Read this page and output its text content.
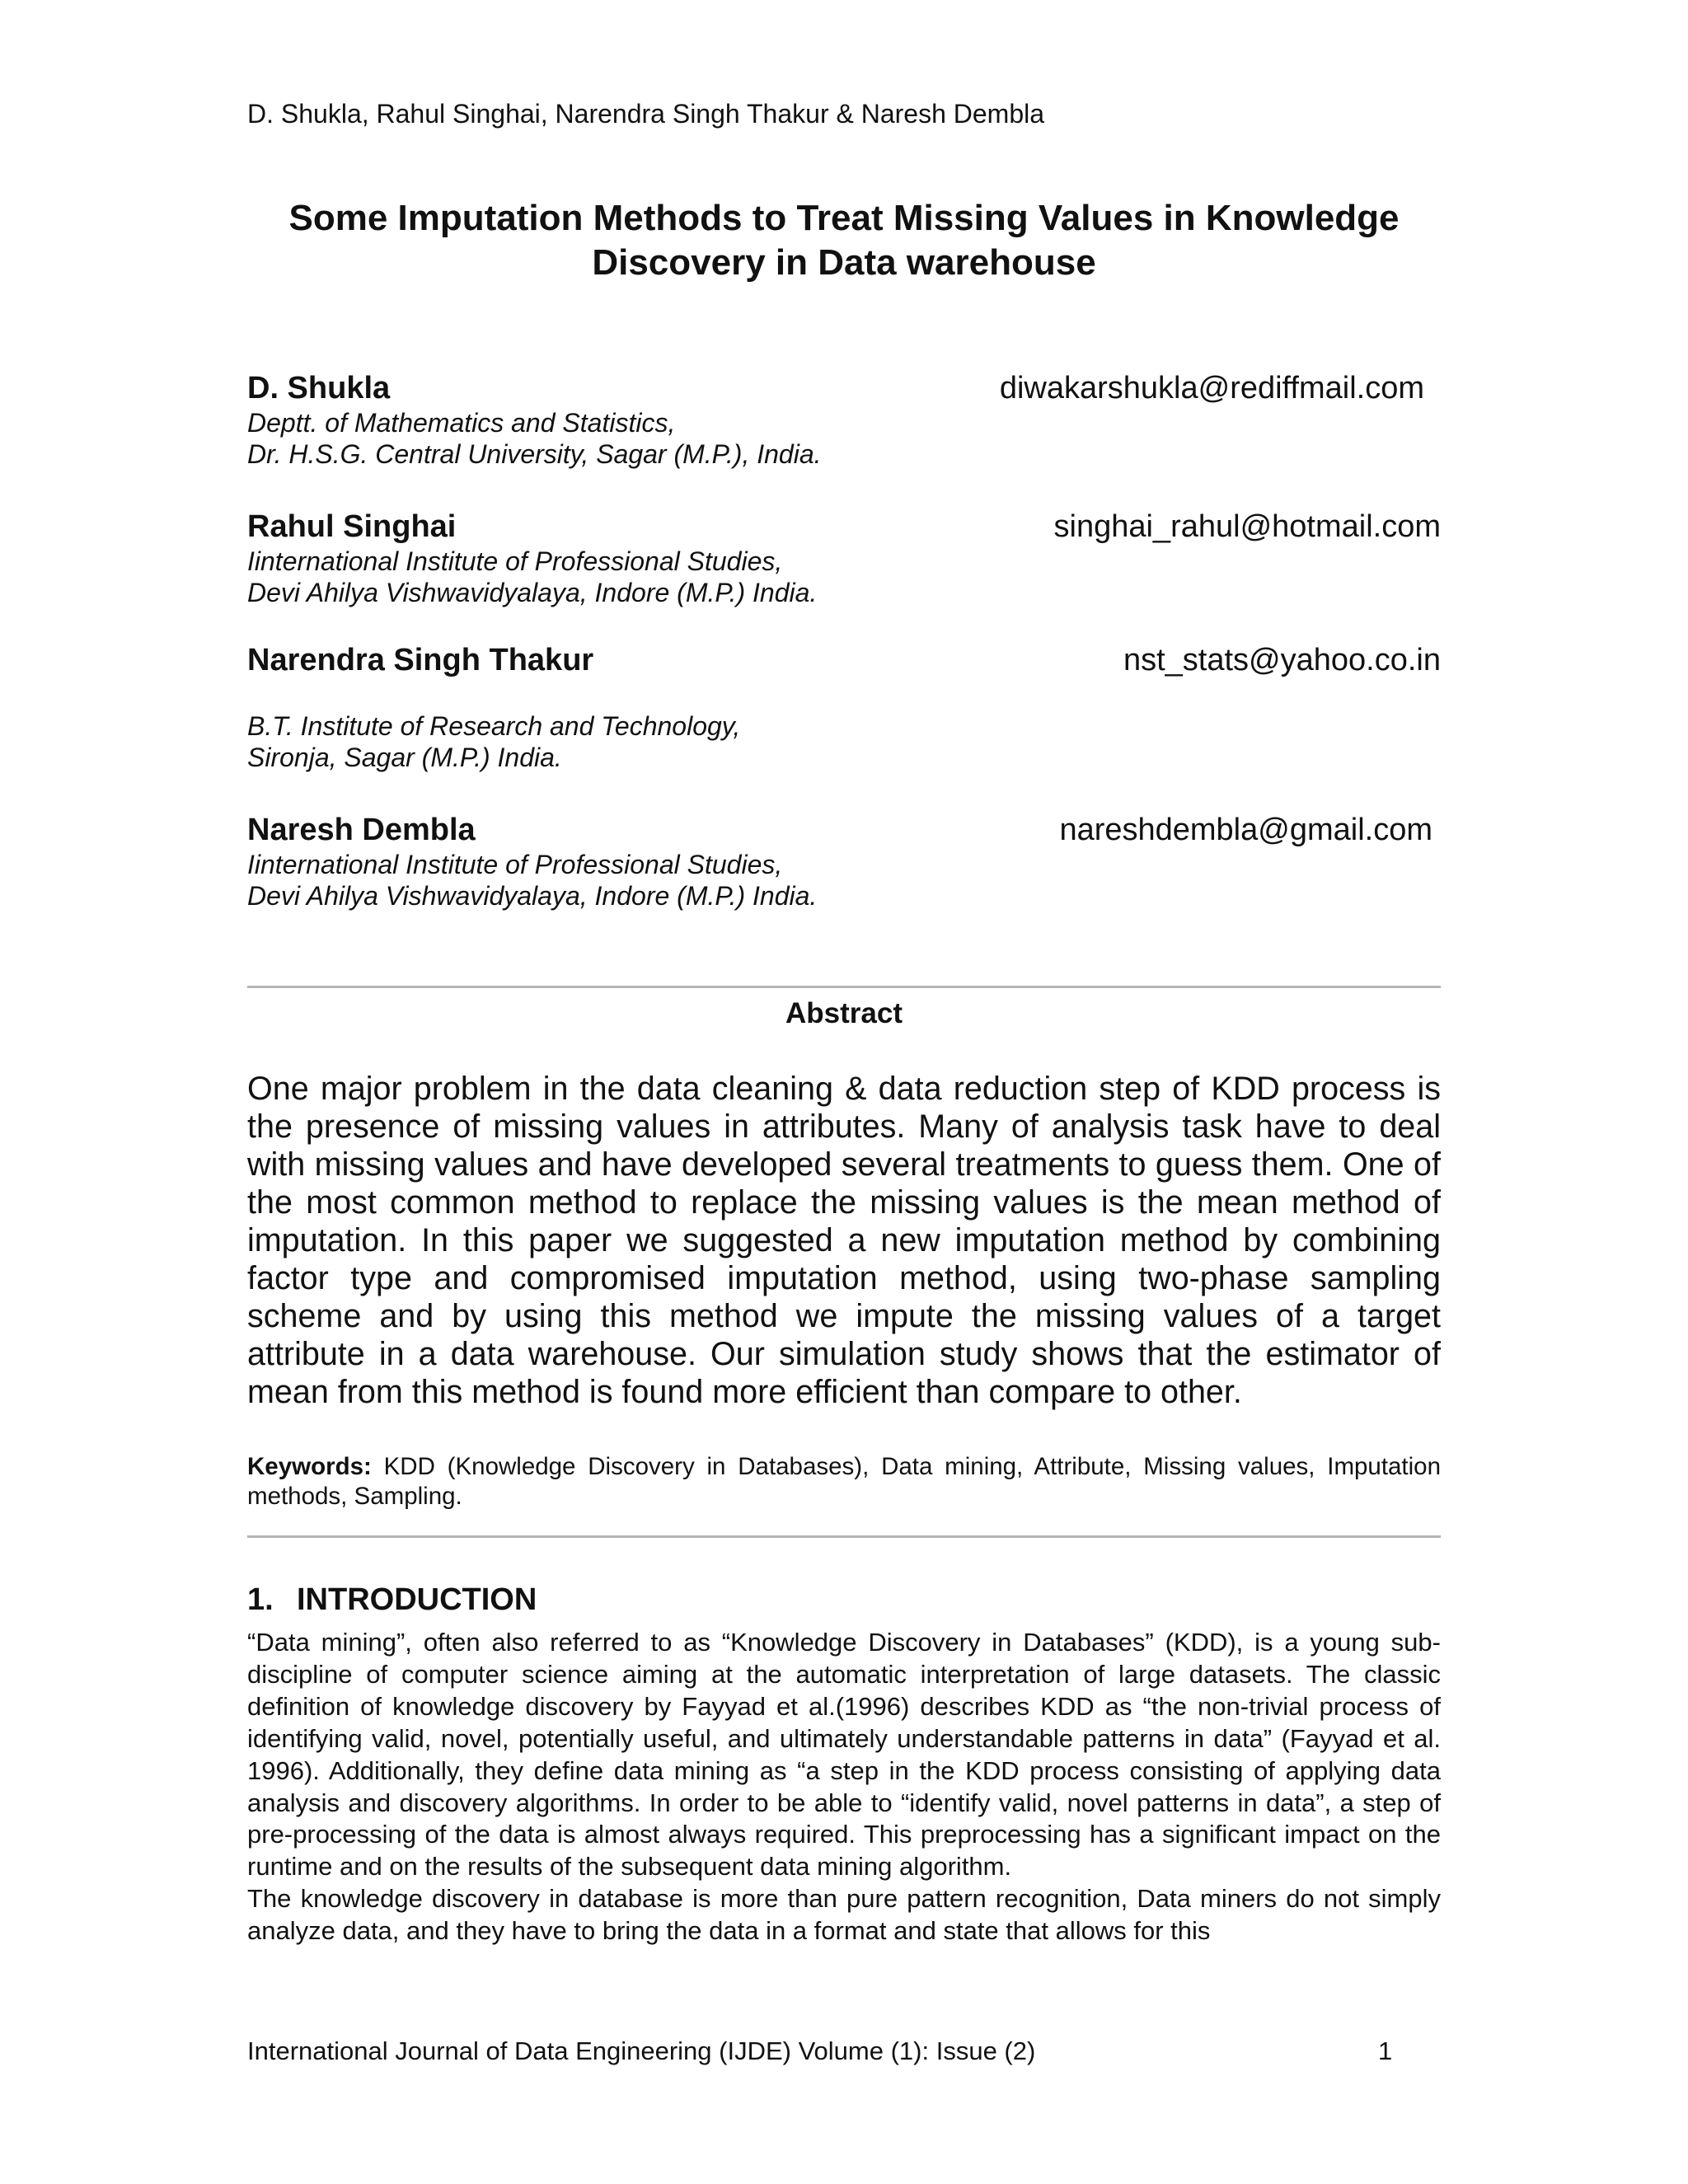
D. Shukla, Rahul Singhai, Narendra Singh Thakur & Naresh Dembla
Some Imputation Methods to Treat Missing Values in Knowledge
Discovery in Data warehouse
D. Shukla	diwakarshukla@rediffmail.com
Deptt. of Mathematics and Statistics,
Dr. H.S.G. Central University, Sagar (M.P.), India.
Rahul Singhai	singhai_rahul@hotmail.com
Iinternational Institute of Professional Studies,
Devi Ahilya Vishwavidyalaya, Indore (M.P.) India.
Narendra Singh Thakur	nst_stats@yahoo.co.in
B.T. Institute of Research and Technology,
Sironja, Sagar (M.P.) India.
Naresh Dembla	nareshdembla@gmail.com
Iinternational Institute of Professional Studies,
Devi Ahilya Vishwavidyalaya, Indore (M.P.) India.
Abstract
One major problem in the data cleaning & data reduction step of KDD process is the presence of missing values in attributes. Many of analysis task have to deal with missing values and have developed several treatments to guess them. One of the most common method to replace the missing values is the mean method of imputation. In this paper we suggested a new imputation method by combining factor type and compromised imputation method, using two-phase sampling scheme and by using this method we impute the missing values of a target attribute in a data warehouse. Our simulation study shows that the estimator of mean from this method is found more efficient than compare to other.
Keywords: KDD (Knowledge Discovery in Databases), Data mining, Attribute, Missing values, Imputation methods, Sampling.
1. INTRODUCTION

“Data mining”, often also referred to as “Knowledge Discovery in Databases” (KDD), is a young sub-discipline of computer science aiming at the automatic interpretation of large datasets. The classic definition of knowledge discovery by Fayyad et al.(1996) describes KDD as “the non-trivial process of identifying valid, novel, potentially useful, and ultimately understandable patterns in data” (Fayyad et al. 1996). Additionally, they define data mining as “a step in the KDD process consisting of applying data analysis and discovery algorithms. In order to be able to “identify valid, novel patterns in data”, a step of pre-processing of the data is almost always required. This preprocessing has a significant impact on the runtime and on the results of the subsequent data mining algorithm.

The knowledge discovery in database is more than pure pattern recognition, Data miners do not simply analyze data, and they have to bring the data in a format and state that allows for this

International Journal of Data Engineering (IJDE) Volume (1): Issue (2)	1
